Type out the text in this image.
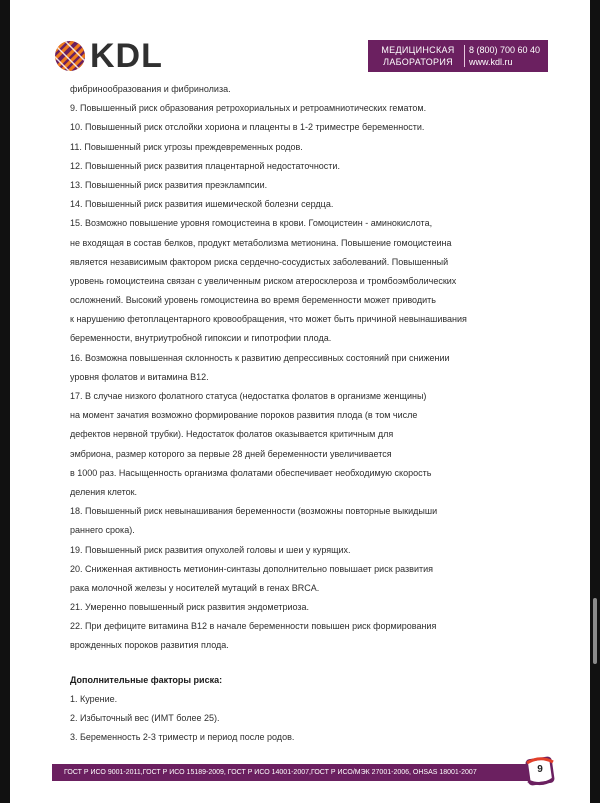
KDL	МЕДИЦИНСКАЯ
ЛАБОРАТОРИЯ
8 (800) 700 60 40
www.kdl.ru
фибринообразования и фибринолиза.
9. Повышенный риск образования ретрохориальных и ретроамниотических гематом.
10. Повышенный риск отслойки хориона и плаценты в 1-2 триместре беременности.
11. Повышенный риск угрозы преждевременных родов.
12. Повышенный риск развития плацентарной недостаточности.
13. Повышенный риск развития преэклампсии.
14. Повышенный риск развития ишемической болезни сердца.
15. Возможно повышение уровня гомоцистеина в крови. Гомоцистеин - аминокислота,
не входящая в состав белков, продукт метаболизма метионина. Повышение гомоцистеина
является независимым фактором риска сердечно-сосудистых заболеваний. Повышенный
уровень гомоцистеина связан с увеличенным риском атеросклероза и тромбоэмболических
осложнений. Высокий уровень гомоцистеина во время беременности может приводить
к нарушению фетоплацентарного кровообращения, что может быть причиной невынашивания
беременности, внутриутробной гипоксии и гипотрофии плода.
16. Возможна повышенная склонность к развитию депрессивных состояний при снижении
уровня фолатов и витамина B12.
17. В случае низкого фолатного статуса (недостатка фолатов в организме женщины)
на момент зачатия возможно формирование пороков развития плода (в том числе
дефектов нервной трубки). Недостаток фолатов оказывается критичным для
эмбриона, размер которого за первые 28 дней беременности увеличивается
в 1000 раз. Насыщенность организма фолатами обеспечивает необходимую скорость
деления клеток.
18. Повышенный риск невынашивания беременности (возможны повторные выкидыши
раннего срока).
19. Повышенный риск развития опухолей головы и шеи у курящих.
20. Сниженная активность метионин-синтазы дополнительно повышает риск развития
рака молочной железы у носителей мутаций в генах BRCA.
21. Умеренно повышенный риск развития эндометриоза.
22. При дефиците витамина B12 в начале беременности повышен риск формирования
врожденных пороков развития плода.
Дополнительные факторы риска:
1. Курение.
2. Избыточный вес (ИМТ более 25).
3. Беременность 2-3 триместр и период после родов.
ГОСТ Р ИСО 9001-2011,ГОСТ Р ИСО 15189-2009, ГОСТ Р ИСО 14001-2007,ГОСТ Р ИСО/МЭК 27001-2006, OHSAS 18001-2007	9
